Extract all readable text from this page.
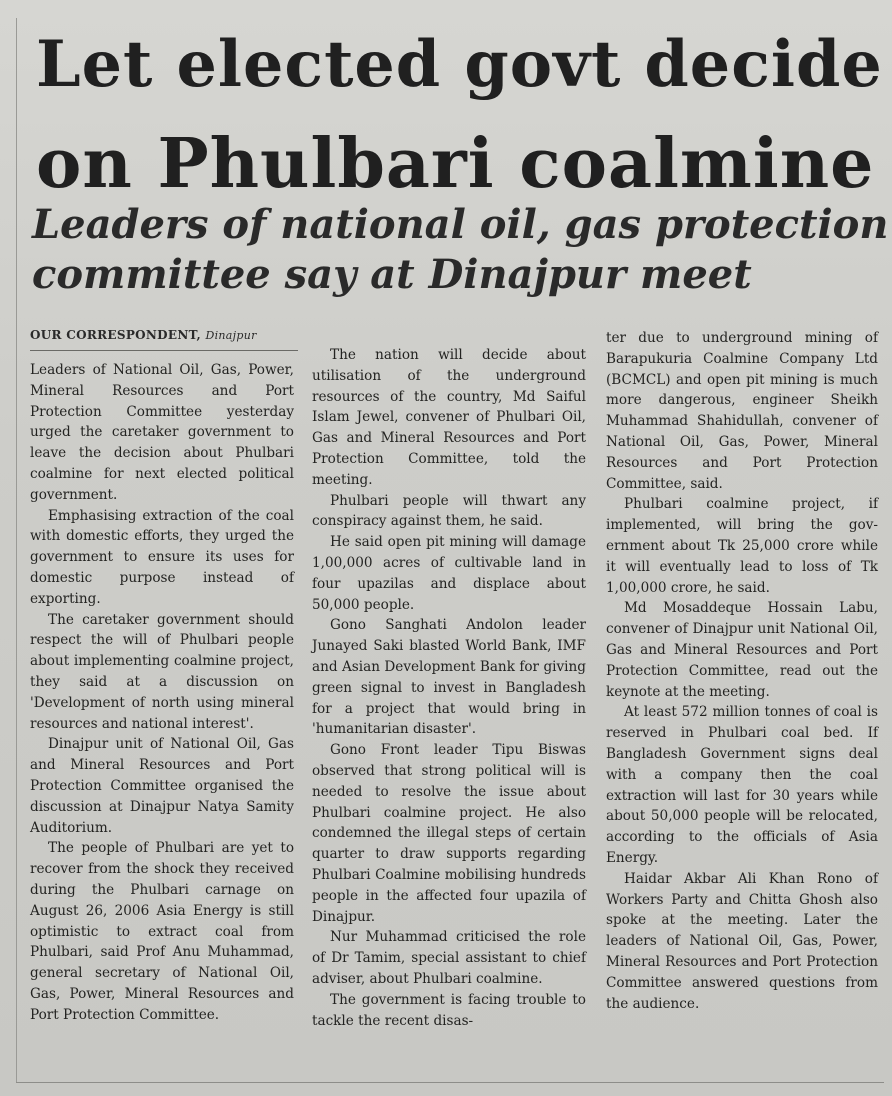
Let elected govt decide
on Phulbari coalmine
Leaders of national oil, gas protection
committee say at Dinajpur meet
OUR CORRESPONDENT, Dinajpur

Leaders of National Oil, Gas, Power, Mineral Resources and Port Protection Committee yesterday urged the caretaker government to leave the decision about Phulbari coalmine for next elected political government.

Emphasising extraction of the coal with domestic efforts, they urged the government to ensure its uses for domestic purpose instead of exporting.

The caretaker government should respect the will of Phulbari people about implementing coalmine project, they said at a discussion on 'Development of north using mineral resources and national interest'.

Dinajpur unit of National Oil, Gas and Mineral Resources and Port Protection Committee organised the discussion at Dinajpur Natya Samity Auditorium.

The people of Phulbari are yet to recover from the shock they received during the Phulbari carnage on August 26, 2006 Asia Energy is still optimistic to extract coal from Phulbari, said Prof Anu Muhammad, general secretary of National Oil, Gas, Power, Mineral Resources and Port Protection Committee.

The nation will decide about utilisation of the underground resources of the country, Md Saiful Islam Jewel, convener of Phulbari Oil, Gas and Mineral Resources and Port Protection Committee, told the meeting.

Phulbari people will thwart any conspiracy against them, he said.

He said open pit mining will damage 1,00,000 acres of cultivable land in four upazilas and displace about 50,000 people.

Gono Sanghati Andolon leader Junayed Saki blasted World Bank, IMF and Asian Development Bank for giving green signal to invest in Bangladesh for a project that would bring in 'humanitarian disaster'.

Gono Front leader Tipu Biswas observed that strong political will is needed to resolve the issue about Phulbari coalmine project. He also condemned the illegal steps of certain quarter to draw supports regarding Phulbari Coalmine mobilising hundreds people in the affected four upazila of Dinajpur.

Nur Muhammad criticised the role of Dr Tamim, special assistant to chief adviser, about Phulbari coalmine.

The government is facing trouble to tackle the recent disas-

ter due to underground mining of Barapukuria Coalmine Company Ltd (BCMCL) and open pit mining is much more dangerous, engineer Sheikh Muhammad Shahidullah, convener of National Oil, Gas, Power, Mineral Resources and Port Protection Committee, said.

Phulbari coalmine project, if implemented, will bring the government about Tk 25,000 crore while it will eventually lead to loss of Tk 1,00,000 crore, he said.

Md Mosaddeque Hossain Labu, convener of Dinajpur unit National Oil, Gas and Mineral Resources and Port Protection Committee, read out the keynote at the meeting.

At least 572 million tonnes of coal is reserved in Phulbari coal bed. If Bangladesh Government signs deal with a company then the coal extraction will last for 30 years while about 50,000 people will be relocated, according to the officials of Asia Energy.

Haidar Akbar Ali Khan Rono of Workers Party and Chitta Ghosh also spoke at the meeting. Later the leaders of National Oil, Gas, Power, Mineral Resources and Port Protection Committee answered questions from the audience.
